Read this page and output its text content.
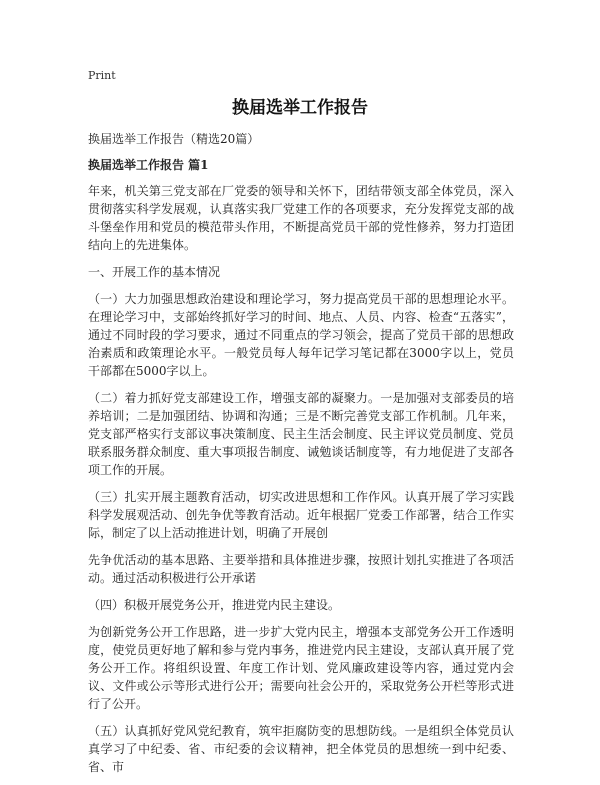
Print
换届选举工作报告

换届选举工作报告（精选20篇）

换届选举工作报告 篇1

年来，机关第三党支部在厂党委的领导和关怀下，团结带领支部全体党员，深入贯彻落实科学发展观，认真落实我厂党建工作的各项要求，充分发挥党支部的战斗堡垒作用和党员的模范带头作用，不断提高党员干部的党性修养，努力打造团结向上的先进集体。

一、开展工作的基本情况

（一）大力加强思想政治建设和理论学习，努力提高党员干部的思想理论水平。在理论学习中，支部始终抓好学习的时间、地点、人员、内容、检查“五落实”，通过不同时段的学习要求，通过不同重点的学习领会，提高了党员干部的思想政治素质和政策理论水平。一般党员每人每年记学习笔记都在3000字以上，党员干部都在5000字以上。

（二）着力抓好党支部建设工作，增强支部的凝聚力。一是加强对支部委员的培养培训；二是加强团结、协调和沟通；三是不断完善党支部工作机制。几年来，党支部严格实行支部议事决策制度、民主生活会制度、民主评议党员制度、党员联系服务群众制度、重大事项报告制度、诫勉谈话制度等，有力地促进了支部各项工作的开展。

（三）扎实开展主题教育活动，切实改进思想和工作作风。认真开展了学习实践科学发展观活动、创先争优等教育活动。近年根据厂党委工作部署，结合工作实际，制定了以上活动推进计划，明确了开展创

先争优活动的基本思路、主要举措和具体推进步骤，按照计划扎实推进了各项活动。通过活动积极进行公开承诺

（四）积极开展党务公开，推进党内民主建设。

为创新党务公开工作思路，进一步扩大党内民主，增强本支部党务公开工作透明度，使党员更好地了解和参与党内事务，推进党内民主建设，支部认真开展了党务公开工作。将组织设置、年度工作计划、党风廉政建设等内容，通过党内会议、文件或公示等形式进行公开；需要向社会公开的，采取党务公开栏等形式进行了公开。

（五）认真抓好党风党纪教育，筑牢拒腐防变的思想防线。一是组织全体党员认真学习了中纪委、省、市纪委的会议精神，把全体党员的思想统一到中纪委、省、市
